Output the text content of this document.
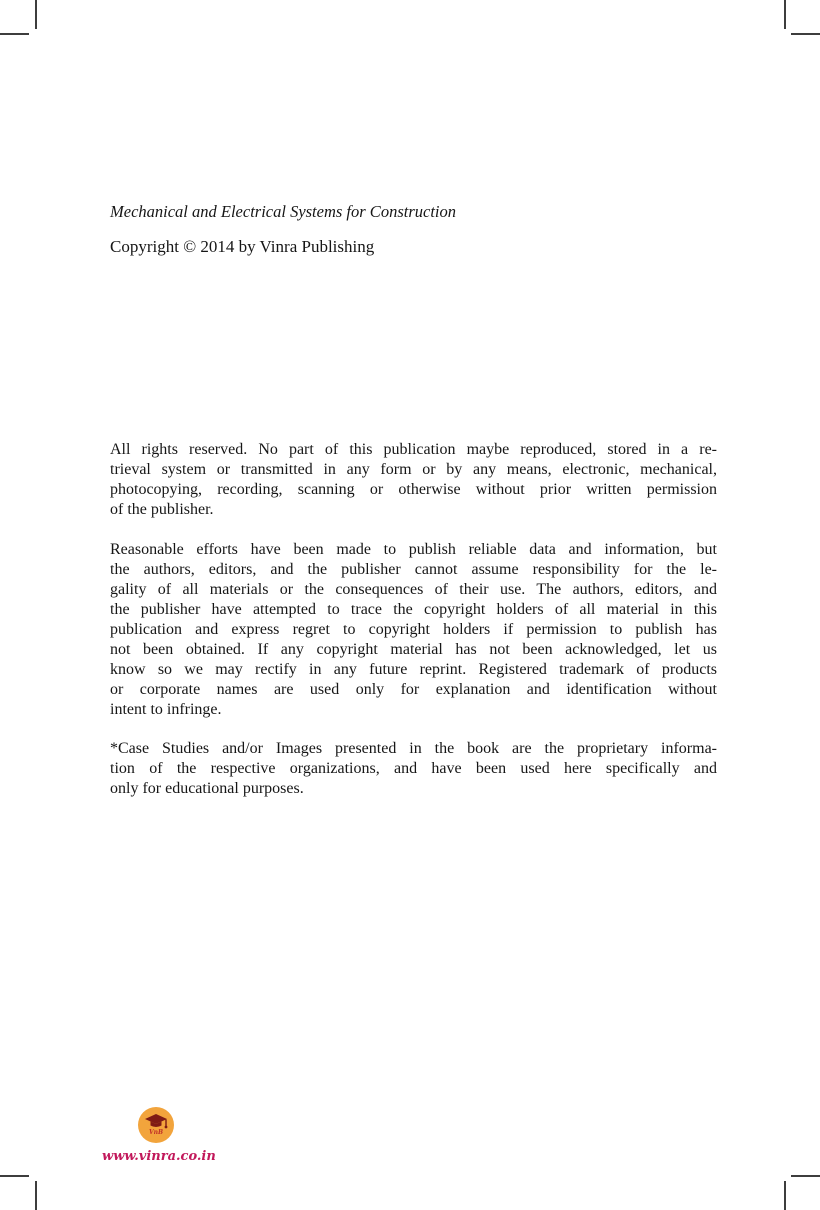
Mechanical and Electrical Systems for Construction
Copyright © 2014 by Vinra Publishing
All rights reserved. No part of this publication maybe reproduced, stored in a re-
trieval system or transmitted in any form or by any means, electronic, mechanical,
photocopying, recording, scanning or otherwise without prior written permission
of the publisher.
Reasonable efforts have been made to publish reliable data and information, but
the authors, editors, and the publisher cannot assume responsibility for the le-
gality of all materials or the consequences of their use. The authors, editors, and
the publisher have attempted to trace the copyright holders of all material in this
publication and express regret to copyright holders if permission to publish has
not been obtained. If any copyright material has not been acknowledged, let us
know so we may rectify in any future reprint. Registered trademark of products
or corporate names are used only for explanation and identification without
intent to infringe.
*Case Studies and/or Images presented in the book are the proprietary informa-
tion of the respective organizations, and have been used here specifically and
only for educational purposes.
VnB
www.vinra.co.in
